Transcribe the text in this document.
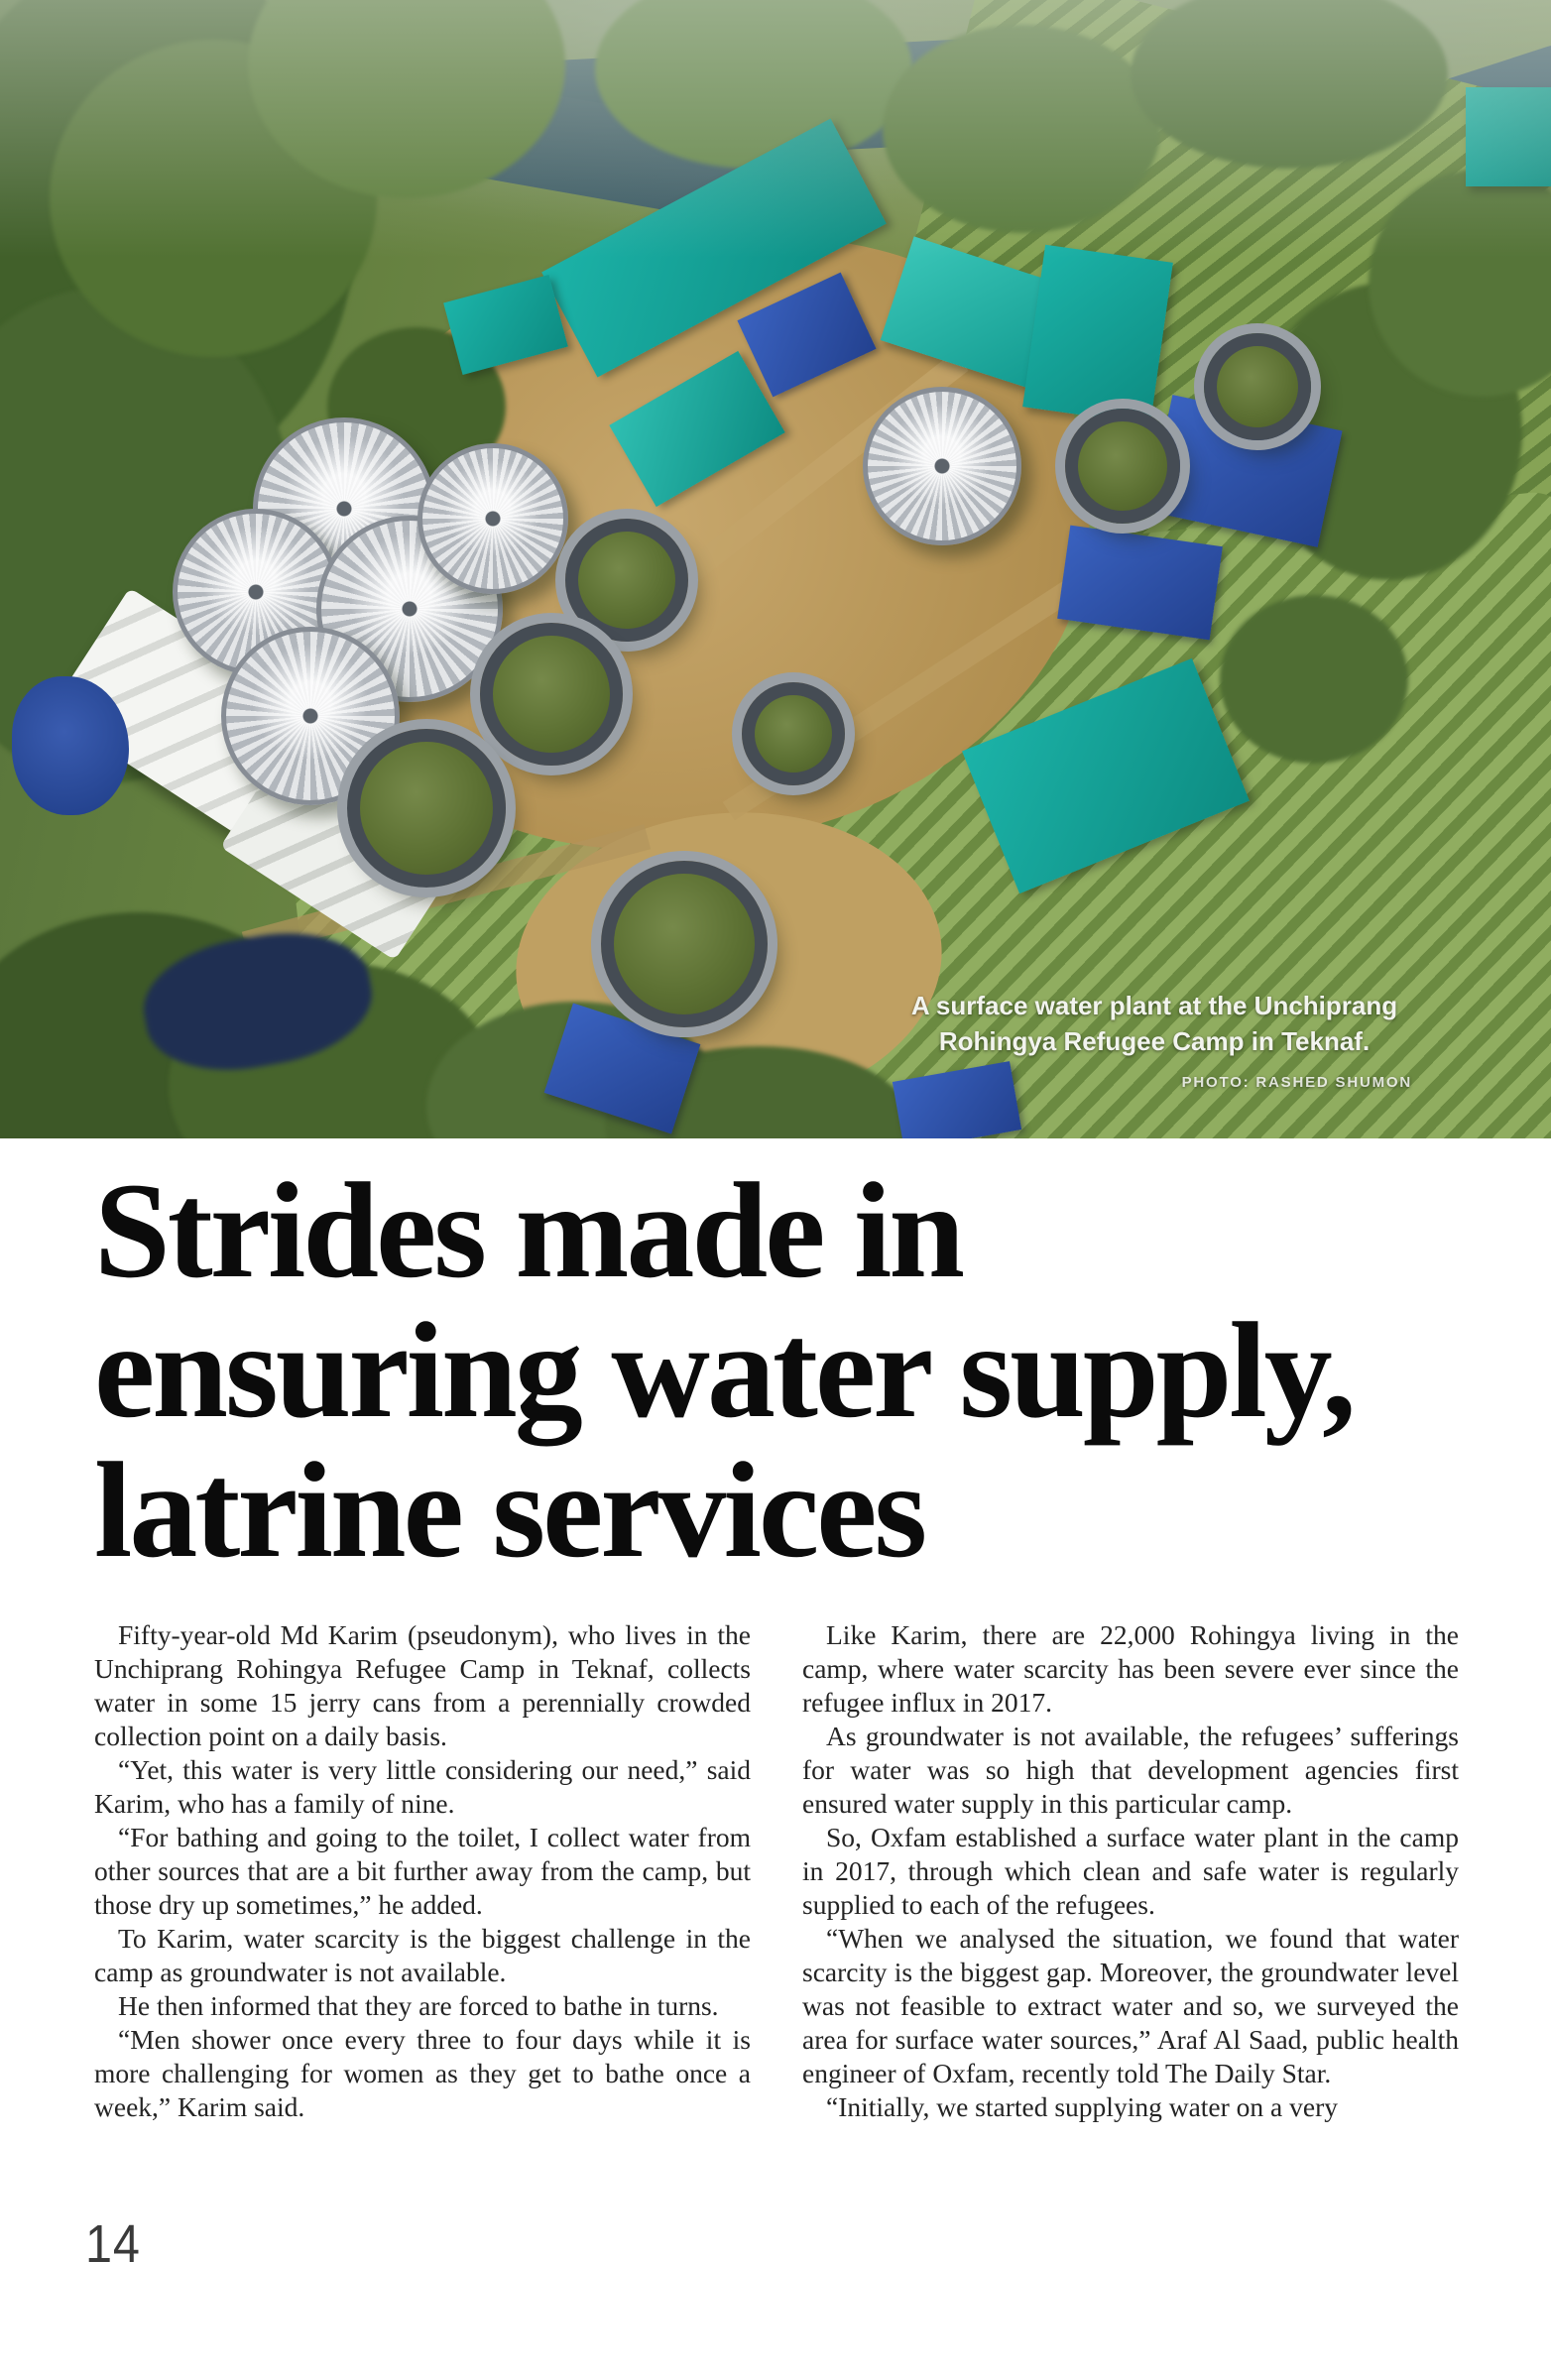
A surface water plant at the Unchiprang
Rohingya Refugee Camp in Teknaf.
PHOTO: RASHED SHUMON
Strides made in
ensuring water supply,
latrine services

Fifty-year-old Md Karim (pseudonym), who lives in the Unchiprang Rohingya Refugee Camp in Teknaf, collects water in some 15 jerry cans from a perennially crowded collection point on a daily basis.

“Yet, this water is very little considering our need,” said Karim, who has a family of nine.

“For bathing and going to the toilet, I collect water from other sources that are a bit further away from the camp, but those dry up sometimes,” he added.

To Karim, water scarcity is the biggest challenge in the camp as groundwater is not available.

He then informed that they are forced to bathe in turns.

“Men shower once every three to four days while it is more challenging for women as they get to bathe once a week,” Karim said.

Like Karim, there are 22,000 Rohingya living in the camp, where water scarcity has been severe ever since the refugee influx in 2017.

As groundwater is not available, the refugees’ sufferings for water was so high that development agencies first ensured water supply in this particular camp.

So, Oxfam established a surface water plant in the camp in 2017, through which clean and safe water is regularly supplied to each of the refugees.

“When we analysed the situation, we found that water scarcity is the biggest gap. Moreover, the groundwater level was not feasible to extract water and so, we surveyed the area for surface water sources,” Araf Al Saad, public health engineer of Oxfam, recently told The Daily Star.

“Initially, we started supplying water on a very

14
